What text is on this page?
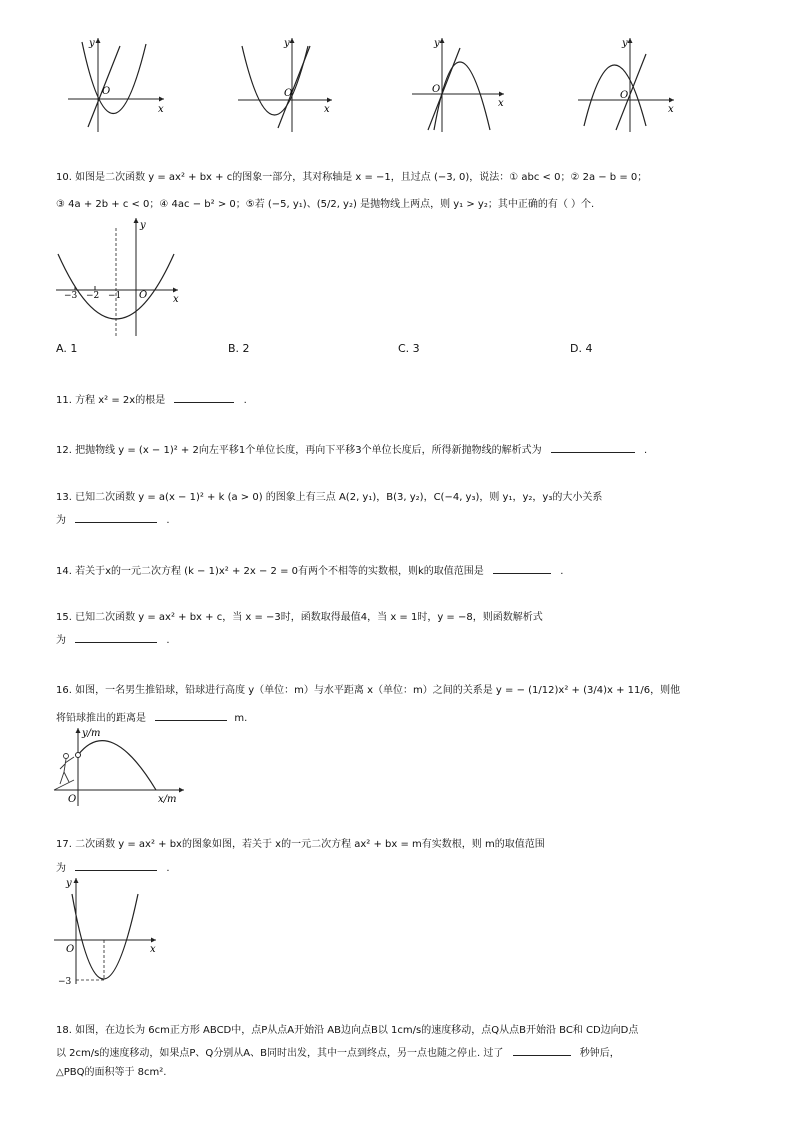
y
x
O
y
x
O
y
x
O
y
x
O
10. 如图是二次函数 y = ax² + bx + c的图象一部分，其对称轴是 x = −1，且过点 (−3, 0)，说法：① abc < 0；② 2a − b = 0；
③ 4a + 2b + c < 0；④ 4ac − b² > 0；⑤若 (−5, y₁)、(5/2, y₂) 是抛物线上两点，则 y₁ > y₂；其中正确的有（ ）个.
y
x
O
−3 −2 −1
A. 1	B. 2	C. 3	D. 4
11. 方程 x² = 2x的根是	.
12. 把抛物线 y = (x − 1)² + 2向左平移1个单位长度，再向下平移3个单位长度后，所得新抛物线的解析式为	.
13. 已知二次函数 y = a(x − 1)² + k (a > 0) 的图象上有三点 A(2, y₁)，B(3, y₂)，C(−4, y₃)，则 y₁，y₂，y₃的大小关系
为	.
14. 若关于x的一元二次方程 (k − 1)x² + 2x − 2 = 0有两个不相等的实数根，则k的取值范围是	.
15. 已知二次函数 y = ax² + bx + c，当 x = −3时，函数取得最值4，当 x = 1时，y = −8，则函数解析式
为	.
16. 如图，一名男生推铅球，铅球进行高度 y（单位：m）与水平距离 x（单位：m）之间的关系是 y = − (1/12)x² + (3/4)x + 11/6，则他
将铅球推出的距离是	m.
y/m
x/m
O
17. 二次函数 y = ax² + bx的图象如图，若关于 x的一元二次方程 ax² + bx = m有实数根，则 m的取值范围
为	.
y
x
O
−3
18. 如图，在边长为 6cm正方形 ABCD中，点P从点A开始沿 AB边向点B以 1cm/s的速度移动，点Q从点B开始沿 BC和 CD边向D点
以 2cm/s的速度移动，如果点P、Q分别从A、B同时出发，其中一点到终点，另一点也随之停止. 过了	秒钟后，
△PBQ的面积等于 8cm².
